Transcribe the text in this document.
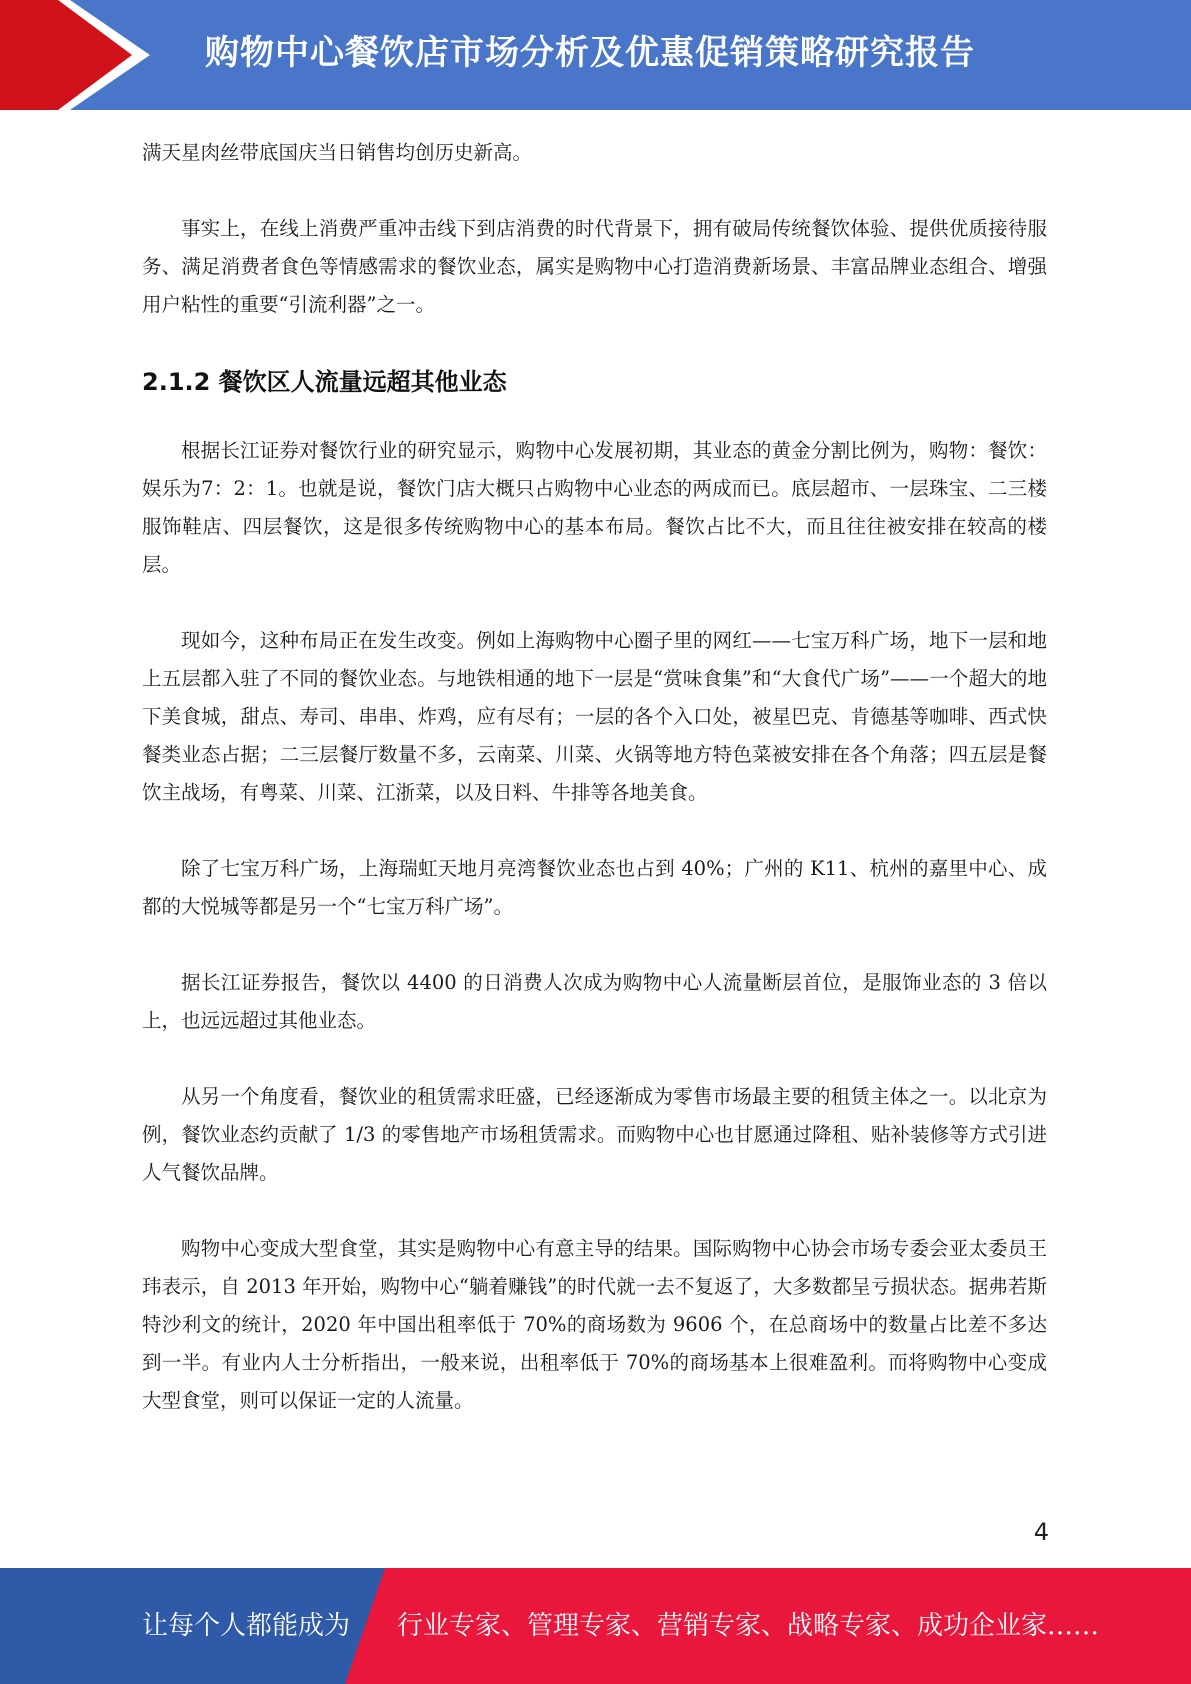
购物中心餐饮店市场分析及优惠促销策略研究报告

满天星肉丝带底国庆当日销售均创历史新高。

事实上，在线上消费严重冲击线下到店消费的时代背景下，拥有破局传统餐饮体验、提供优质接待服务、满足消费者食色等情感需求的餐饮业态，属实是购物中心打造消费新场景、丰富品牌业态组合、增强用户粘性的重要“引流利器”之一。

2.1.2 餐饮区人流量远超其他业态

根据长江证券对餐饮行业的研究显示，购物中心发展初期，其业态的黄金分割比例为，购物：餐饮：娱乐为7：2：1。也就是说，餐饮门店大概只占购物中心业态的两成而已。底层超市、一层珠宝、二三楼服饰鞋店、四层餐饮，这是很多传统购物中心的基本布局。餐饮占比不大，而且往往被安排在较高的楼层。

现如今，这种布局正在发生改变。例如上海购物中心圈子里的网红——七宝万科广场，地下一层和地上五层都入驻了不同的餐饮业态。与地铁相通的地下一层是“赏味食集”和“大食代广场”——一个超大的地下美食城，甜点、寿司、串串、炸鸡，应有尽有；一层的各个入口处，被星巴克、肯德基等咖啡、西式快餐类业态占据；二三层餐厅数量不多，云南菜、川菜、火锅等地方特色菜被安排在各个角落；四五层是餐饮主战场，有粤菜、川菜、江浙菜，以及日料、牛排等各地美食。

除了七宝万科广场，上海瑞虹天地月亮湾餐饮业态也占到 40%；广州的 K11、杭州的嘉里中心、成都的大悦城等都是另一个“七宝万科广场”。

据长江证券报告，餐饮以 4400 的日消费人次成为购物中心人流量断层首位，是服饰业态的 3 倍以上，也远远超过其他业态。

从另一个角度看，餐饮业的租赁需求旺盛，已经逐渐成为零售市场最主要的租赁主体之一。以北京为例，餐饮业态约贡献了 1/3 的零售地产市场租赁需求。而购物中心也甘愿通过降租、贴补装修等方式引进人气餐饮品牌。

购物中心变成大型食堂，其实是购物中心有意主导的结果。国际购物中心协会市场专委会亚太委员王玮表示，自 2013 年开始，购物中心“躺着赚钱”的时代就一去不复返了，大多数都呈亏损状态。据弗若斯特沙利文的统计，2020 年中国出租率低于 70%的商场数为 9606 个，在总商场中的数量占比差不多达到一半。有业内人士分析指出，一般来说，出租率低于 70%的商场基本上很难盈利。而将购物中心变成大型食堂，则可以保证一定的人流量。

4
让每个人都能成为 行业专家、管理专家、营销专家、战略专家、成功企业家……
